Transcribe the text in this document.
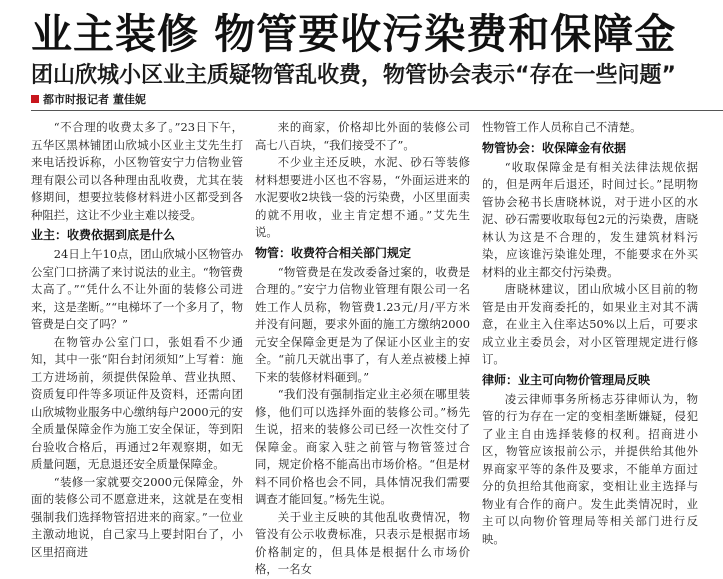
业主装修 物管要收污染费和保障金
团山欣城小区业主质疑物管乱收费，物管协会表示“存在一些问题”
都市时报记者 董佳妮

“不合理的收费太多了。”23日下午，五华区黑林铺团山欣城小区业主艾先生打来电话投诉称，小区物管安宁力信物业管理有限公司以各种理由乱收费，尤其在装修期间，想要拉装修材料进小区都受到各种阻拦，这让不少业主难以接受。

业主：收费依据到底是什么

24日上午10点，团山欣城小区物管办公室门口挤满了来讨说法的业主。“物管费太高了。”“凭什么不让外面的装修公司进来，这是垄断。”“电梯坏了一个多月了，物管费是白交了吗？”

在物管办公室门口，张姐看不少通知，其中一张“阳台封闭须知”上写着：施工方进场前，须提供保险单、营业执照、资质复印件等多项证件及资料，还需向团山欣城物业服务中心缴纳每户2000元的安全质量保障金作为施工安全保证，等到阳台验收合格后，再通过2年观察期，如无质量问题，无息退还安全质量保障金。

“装修一家就要交2000元保障金，外面的装修公司不愿意进来，这就是在变相强制我们选择物管招进来的商家。”一位业主激动地说，自己家马上要封阳台了，小区里招商进

来的商家，价格却比外面的装修公司高七八百块，“我们接受不了”。

不少业主还反映，水泥、砂石等装修材料想要进小区也不容易，“外面运进来的水泥要收2块钱一袋的污染费，小区里面卖的就不用收，业主肯定想不通。”艾先生说。

物管：收费符合相关部门规定

“物管费是在发改委备过案的，收费是合理的。”安宁力信物业管理有限公司一名姓工作人员称，物管费1.23元/月/平方米并没有问题，要求外面的施工方缴纳2000元安全保障金更是为了保证小区业主的安全。“前几天就出事了，有人差点被楼上掉下来的装修材料砸到。”

“我们没有强制指定业主必须在哪里装修，他们可以选择外面的装修公司。”杨先生说，招来的装修公司已经一次性交付了保障金。商家入驻之前管与物管签过合同，规定价格不能高出市场价格。“但是材料不同价格也会不同，具体情况我们需要调查才能回复。”杨先生说。

关于业主反映的其他乱收费情况，物管没有公示收费标准，只表示是根据市场价格制定的，但具体是根据什么市场价格，一名女

性物管工作人员称自己不清楚。

物管协会：收保障金有依据

“收取保障金是有相关法律法规依据的，但是两年后退还，时间过长。”昆明物管协会秘书长唐晓林说，对于进小区的水泥、砂石需要收取每包2元的污染费，唐晓林认为这是不合理的，发生建筑材料污染，应该谁污染谁处理，不能要求在外买材料的业主都交付污染费。

唐晓林建议，团山欣城小区目前的物管是由开发商委托的，如果业主对其不满意，在业主入住率达50%以上后，可要求成立业主委员会，对小区管理规定进行修订。

律师：业主可向物价管理局反映

凌云律师事务所杨志芬律师认为，物管的行为存在一定的变相垄断嫌疑，侵犯了业主自由选择装修的权利。招商进小区，物管应该报前公示，并提供给其他外界商家平等的条件及要求，不能单方面过分的负担给其他商家，变相让业主选择与物业有合作的商户。发生此类情况时，业主可以向物价管理局等相关部门进行反映。
